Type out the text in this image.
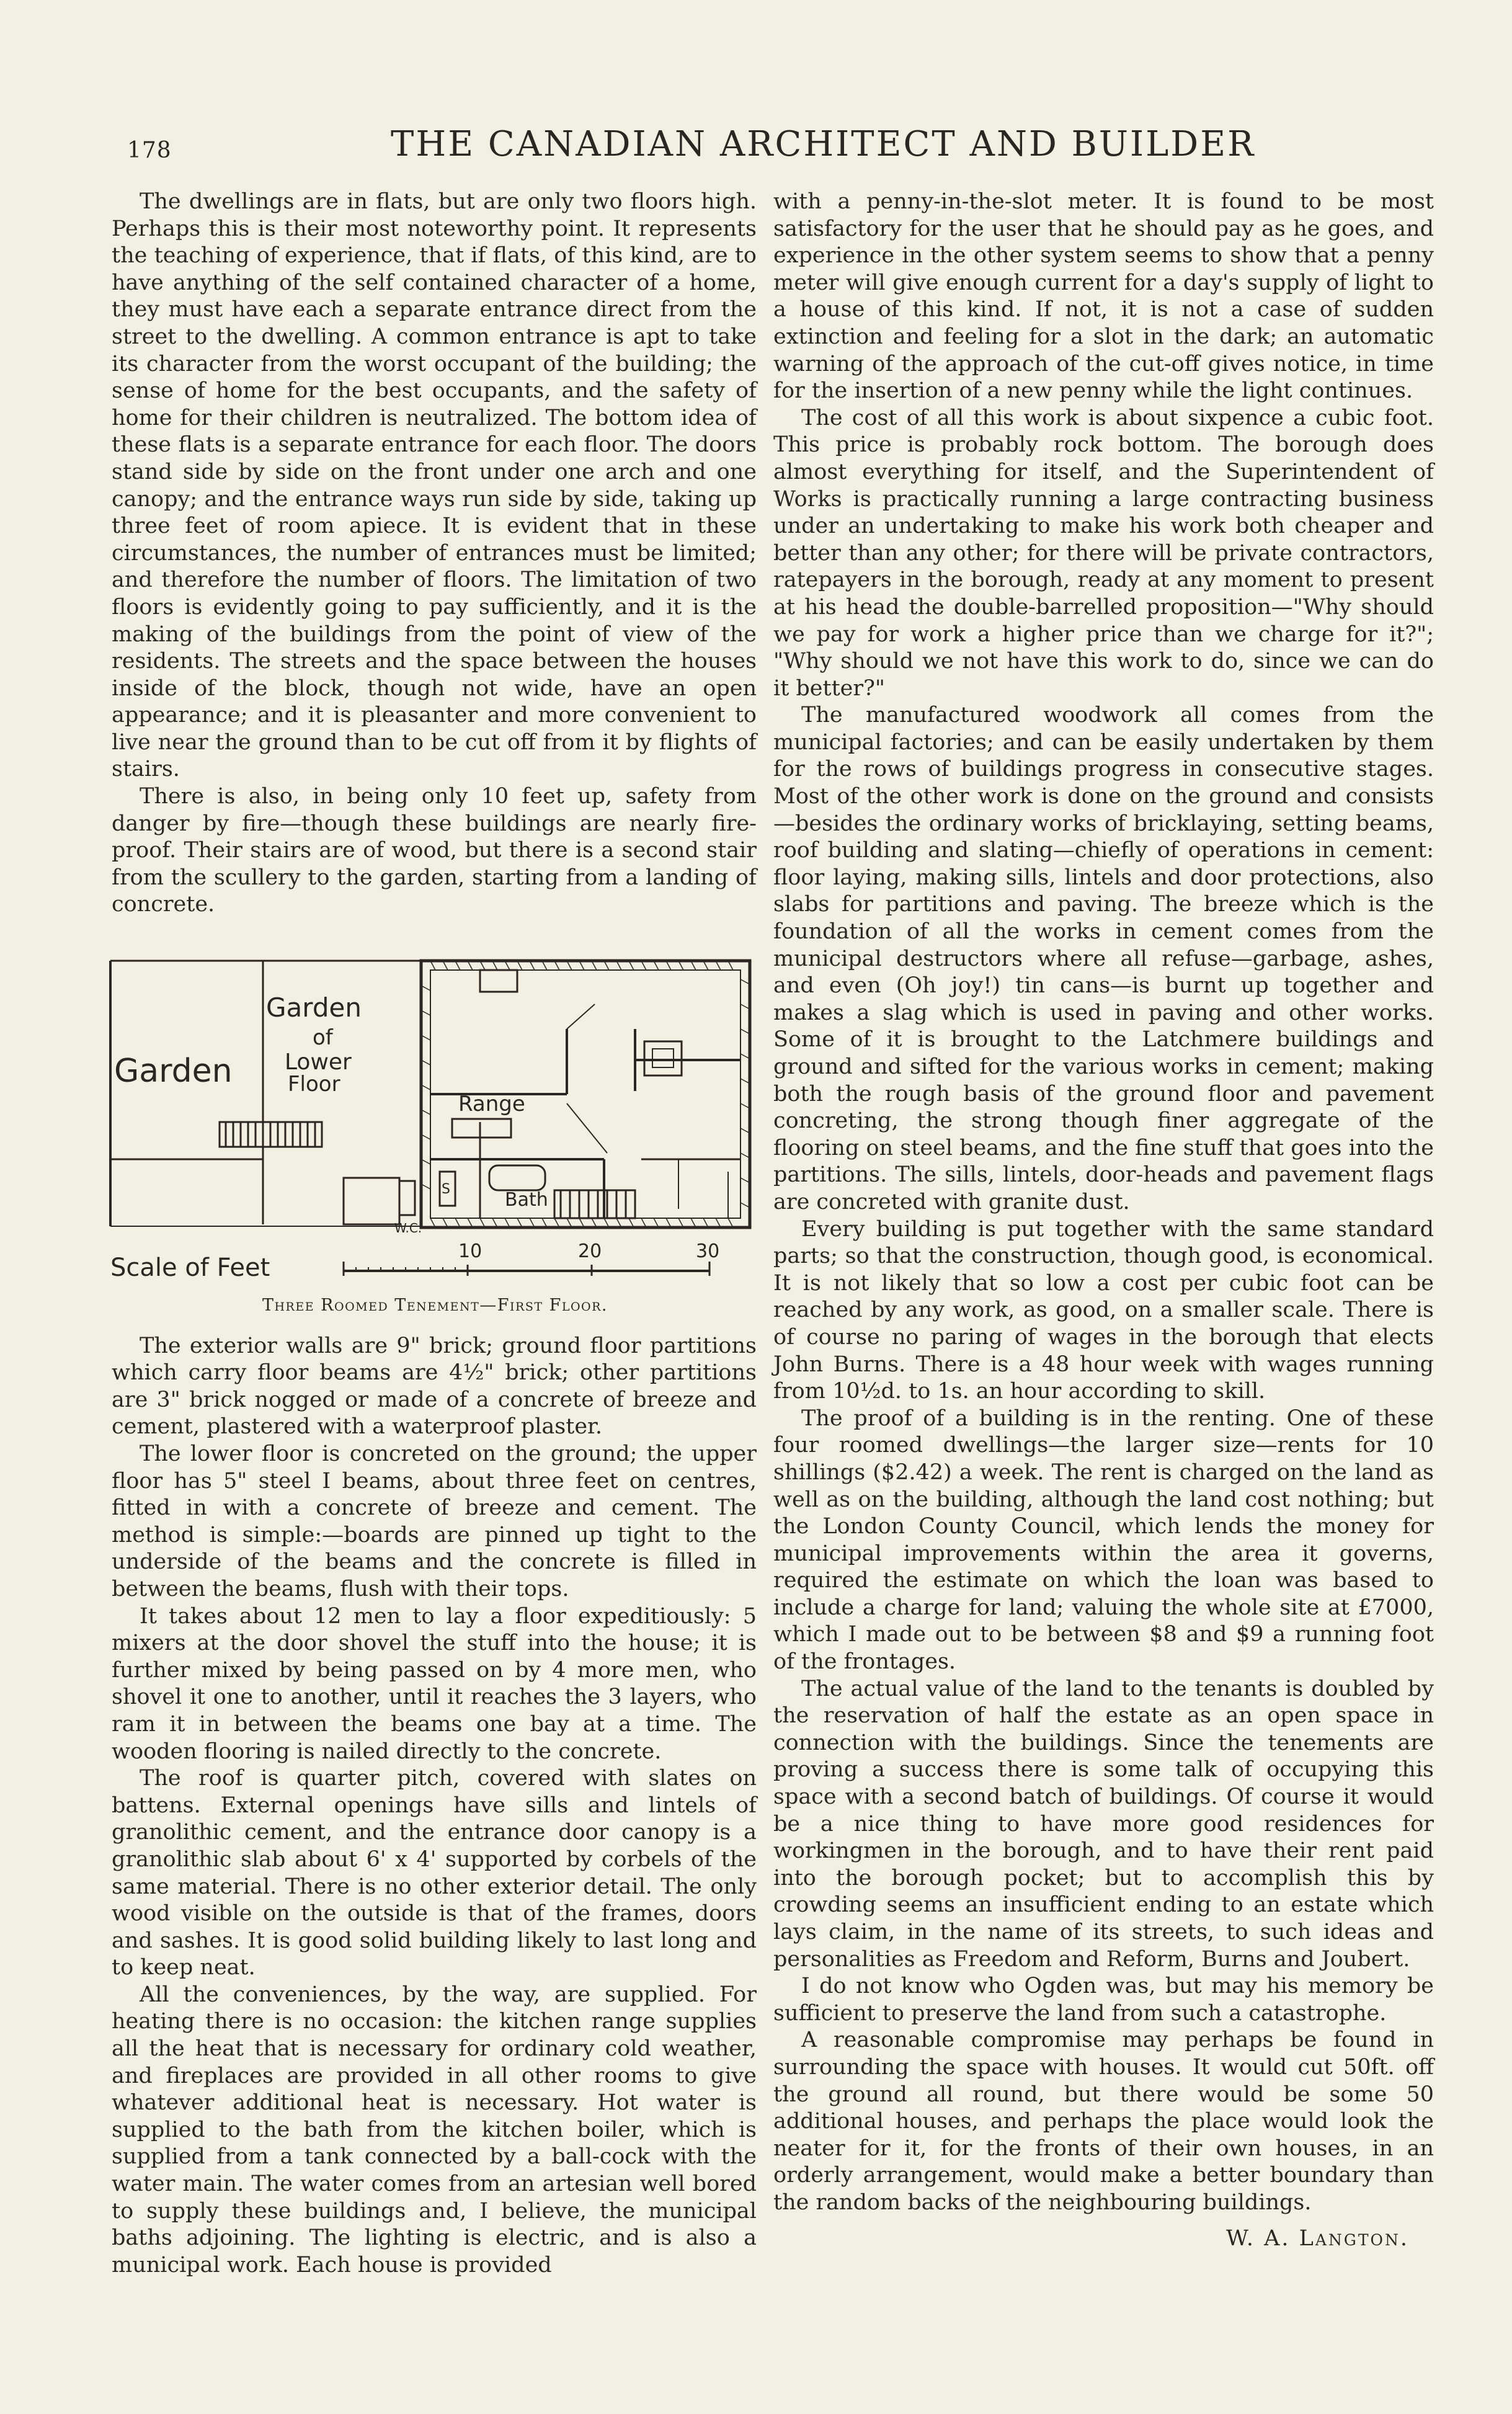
178	THE CANADIAN ARCHITECT AND BUILDER

The dwellings are in flats, but are only two floors high. Perhaps this is their most noteworthy point. It represents the teaching of experience, that if flats, of this kind, are to have anything of the self contained character of a home, they must have each a separate entrance direct from the street to the dwelling. A common entrance is apt to take its character from the worst occupant of the building; the sense of home for the best occupants, and the safety of home for their children is neutralized. The bottom idea of these flats is a separate entrance for each floor. The doors stand side by side on the front under one arch and one canopy; and the entrance ways run side by side, taking up three feet of room apiece. It is evident that in these circumstances, the number of entrances must be limited; and therefore the number of floors. The limitation of two floors is evidently going to pay sufficiently, and it is the making of the buildings from the point of view of the residents. The streets and the space between the houses inside of the block, though not wide, have an open appearance; and it is pleasanter and more convenient to live near the ground than to be cut off from it by flights of stairs.

There is also, in being only 10 feet up, safety from danger by fire—though these buildings are nearly fire-proof. Their stairs are of wood, but there is a second stair from the scullery to the garden, starting from a landing of concrete.

Garden
Garden
of
Lower
Floor
Range
Bath
S
W.C.
Scale of Feet
10	20	30
Three Roomed Tenement—First Floor.

The exterior walls are 9" brick; ground floor partitions which carry floor beams are 4½" brick; other partitions are 3" brick nogged or made of a concrete of breeze and cement, plastered with a waterproof plaster.

The lower floor is concreted on the ground; the upper floor has 5" steel I beams, about three feet on centres, fitted in with a concrete of breeze and cement. The method is simple:—boards are pinned up tight to the underside of the beams and the concrete is filled in between the beams, flush with their tops.

It takes about 12 men to lay a floor expeditiously: 5 mixers at the door shovel the stuff into the house; it is further mixed by being passed on by 4 more men, who shovel it one to another, until it reaches the 3 layers, who ram it in between the beams one bay at a time. The wooden flooring is nailed directly to the concrete.

The roof is quarter pitch, covered with slates on battens. External openings have sills and lintels of granolithic cement, and the entrance door canopy is a granolithic slab about 6' x 4' supported by corbels of the same material. There is no other exterior detail. The only wood visible on the outside is that of the frames, doors and sashes. It is good solid building likely to last long and to keep neat.

All the conveniences, by the way, are supplied. For heating there is no occasion: the kitchen range supplies all the heat that is necessary for ordinary cold weather, and fireplaces are provided in all other rooms to give whatever additional heat is necessary. Hot water is supplied to the bath from the kitchen boiler, which is supplied from a tank connected by a ball-cock with the water main. The water comes from an artesian well bored to supply these buildings and, I believe, the municipal baths adjoining. The lighting is electric, and is also a municipal work. Each house is provided

with a penny-in-the-slot meter. It is found to be most satisfactory for the user that he should pay as he goes, and experience in the other system seems to show that a penny meter will give enough current for a day's supply of light to a house of this kind. If not, it is not a case of sudden extinction and feeling for a slot in the dark; an automatic warning of the approach of the cut-off gives notice, in time for the insertion of a new penny while the light continues.

The cost of all this work is about sixpence a cubic foot. This price is probably rock bottom. The borough does almost everything for itself, and the Superintendent of Works is practically running a large contracting business under an undertaking to make his work both cheaper and better than any other; for there will be private contractors, ratepayers in the borough, ready at any moment to present at his head the double-barrelled proposition—"Why should we pay for work a higher price than we charge for it?"; "Why should we not have this work to do, since we can do it better?"

The manufactured woodwork all comes from the municipal factories; and can be easily undertaken by them for the rows of buildings progress in consecutive stages. Most of the other work is done on the ground and consists—besides the ordinary works of bricklaying, setting beams, roof building and slating—chiefly of operations in cement: floor laying, making sills, lintels and door protections, also slabs for partitions and paving. The breeze which is the foundation of all the works in cement comes from the municipal destructors where all refuse—garbage, ashes, and even (Oh joy!) tin cans—is burnt up together and makes a slag which is used in paving and other works. Some of it is brought to the Latchmere buildings and ground and sifted for the various works in cement; making both the rough basis of the ground floor and pavement concreting, the strong though finer aggregate of the flooring on steel beams, and the fine stuff that goes into the partitions. The sills, lintels, door-heads and pavement flags are concreted with granite dust.

Every building is put together with the same standard parts; so that the construction, though good, is economical. It is not likely that so low a cost per cubic foot can be reached by any work, as good, on a smaller scale. There is of course no paring of wages in the borough that elects John Burns. There is a 48 hour week with wages running from 10½d. to 1s. an hour according to skill.

The proof of a building is in the renting. One of these four roomed dwellings—the larger size—rents for 10 shillings ($2.42) a week. The rent is charged on the land as well as on the building, although the land cost nothing; but the London County Council, which lends the money for municipal improvements within the area it governs, required the estimate on which the loan was based to include a charge for land; valuing the whole site at £7000, which I made out to be between $8 and $9 a running foot of the frontages.

The actual value of the land to the tenants is doubled by the reservation of half the estate as an open space in connection with the buildings. Since the tenements are proving a success there is some talk of occupying this space with a second batch of buildings. Of course it would be a nice thing to have more good residences for workingmen in the borough, and to have their rent paid into the borough pocket; but to accomplish this by crowding seems an insufficient ending to an estate which lays claim, in the name of its streets, to such ideas and personalities as Freedom and Reform, Burns and Joubert.

I do not know who Ogden was, but may his memory be sufficient to preserve the land from such a catastrophe.

A reasonable compromise may perhaps be found in surrounding the space with houses. It would cut 50ft. off the ground all round, but there would be some 50 additional houses, and perhaps the place would look the neater for it, for the fronts of their own houses, in an orderly arrangement, would make a better boundary than the random backs of the neighbouring buildings.

W. A. Langton.
